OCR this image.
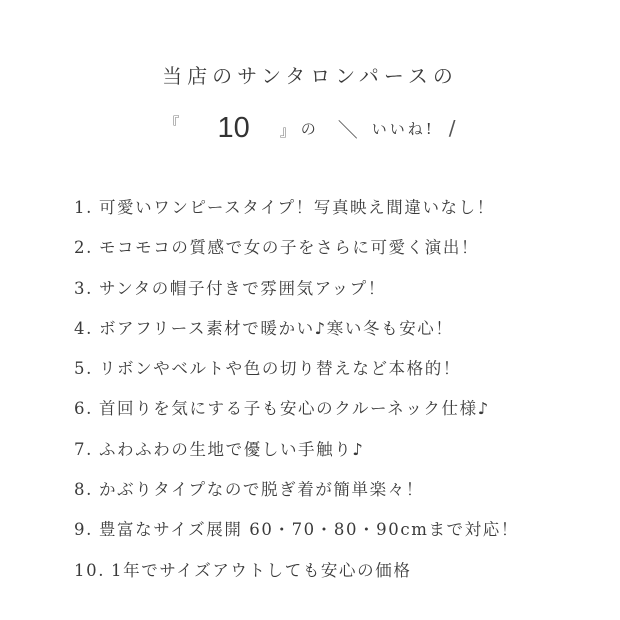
当店のサンタロンパースの
『 10 』 の ＼ いいね! /
1. 可愛いワンピースタイプ！写真映え間違いなし！
2. モコモコの質感で女の子をさらに可愛く演出！
3. サンタの帽子付きで雰囲気アップ！
4. ボアフリース素材で暖かい♪寒い冬も安心！
5. リボンやベルトや色の切り替えなど本格的！
6. 首回りを気にする子も安心のクルーネック仕様♪
7. ふわふわの生地で優しい手触り♪
8. かぶりタイプなので脱ぎ着が簡単楽々！
9. 豊富なサイズ展開 60・70・80・90cmまで対応！
10. 1年でサイズアウトしても安心の価格
